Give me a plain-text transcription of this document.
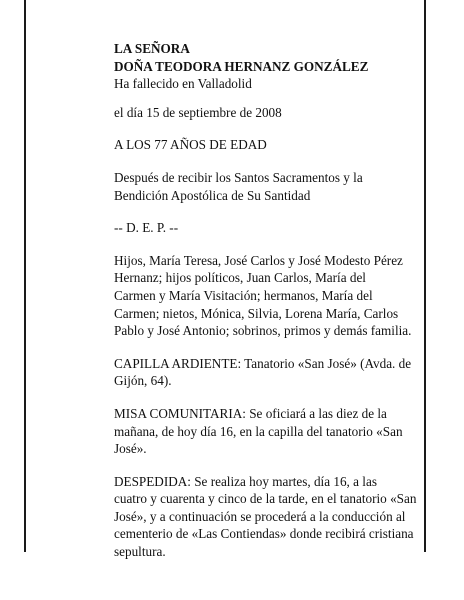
LA SEÑORA
DOÑA TEODORA HERNANZ GONZÁLEZ
Ha fallecido en Valladolid
el día 15 de septiembre de 2008
A LOS 77 AÑOS DE EDAD
Después de recibir los Santos Sacramentos y la
Bendición Apostólica de Su Santidad
-- D. E. P. --
Hijos, María Teresa, José Carlos y José Modesto Pérez
Hernanz; hijos políticos, Juan Carlos, María del
Carmen y María Visitación; hermanos, María del
Carmen; nietos, Mónica, Silvia, Lorena María, Carlos
Pablo y José Antonio; sobrinos, primos y demás familia.
CAPILLA ARDIENTE: Tanatorio «San José» (Avda. de
Gijón, 64).
MISA COMUNITARIA: Se oficiará a las diez de la
mañana, de hoy día 16, en la capilla del tanatorio «San
José».
DESPEDIDA: Se realiza hoy martes, día 16, a las
cuatro y cuarenta y cinco de la tarde, en el tanatorio «San
José», y a continuación se procederá a la conducción al
cementerio de «Las Contiendas» donde recibirá cristiana
sepultura.
